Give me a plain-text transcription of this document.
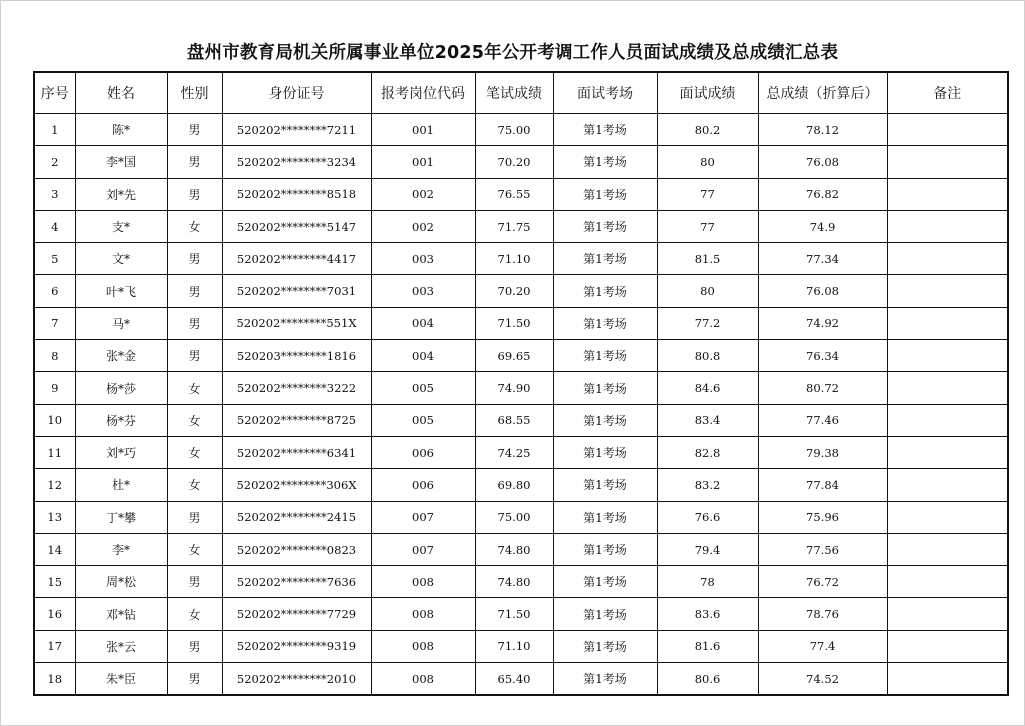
盘州市教育局机关所属事业单位2025年公开考调工作人员面试成绩及总成绩汇总表
序号	姓名	性别	身份证号	报考岗位代码	笔试成绩	面试考场	面试成绩	总成绩（折算后）	备注
1	陈*	男	520202********7211	001	75.00	第1考场	80.2	78.12	
2	李*国	男	520202********3234	001	70.20	第1考场	80	76.08	
3	刘*先	男	520202********8518	002	76.55	第1考场	77	76.82	
4	支*	女	520202********5147	002	71.75	第1考场	77	74.9	
5	文*	男	520202********4417	003	71.10	第1考场	81.5	77.34	
6	叶*飞	男	520202********7031	003	70.20	第1考场	80	76.08	
7	马*	男	520202********551X	004	71.50	第1考场	77.2	74.92	
8	张*金	男	520203********1816	004	69.65	第1考场	80.8	76.34	
9	杨*莎	女	520202********3222	005	74.90	第1考场	84.6	80.72	
10	杨*芬	女	520202********8725	005	68.55	第1考场	83.4	77.46	
11	刘*巧	女	520202********6341	006	74.25	第1考场	82.8	79.38	
12	杜*	女	520202********306X	006	69.80	第1考场	83.2	77.84	
13	丁*攀	男	520202********2415	007	75.00	第1考场	76.6	75.96	
14	李*	女	520202********0823	007	74.80	第1考场	79.4	77.56	
15	周*松	男	520202********7636	008	74.80	第1考场	78	76.72	
16	邓*钻	女	520202********7729	008	71.50	第1考场	83.6	78.76	
17	张*云	男	520202********9319	008	71.10	第1考场	81.6	77.4	
18	朱*臣	男	520202********2010	008	65.40	第1考场	80.6	74.52	
